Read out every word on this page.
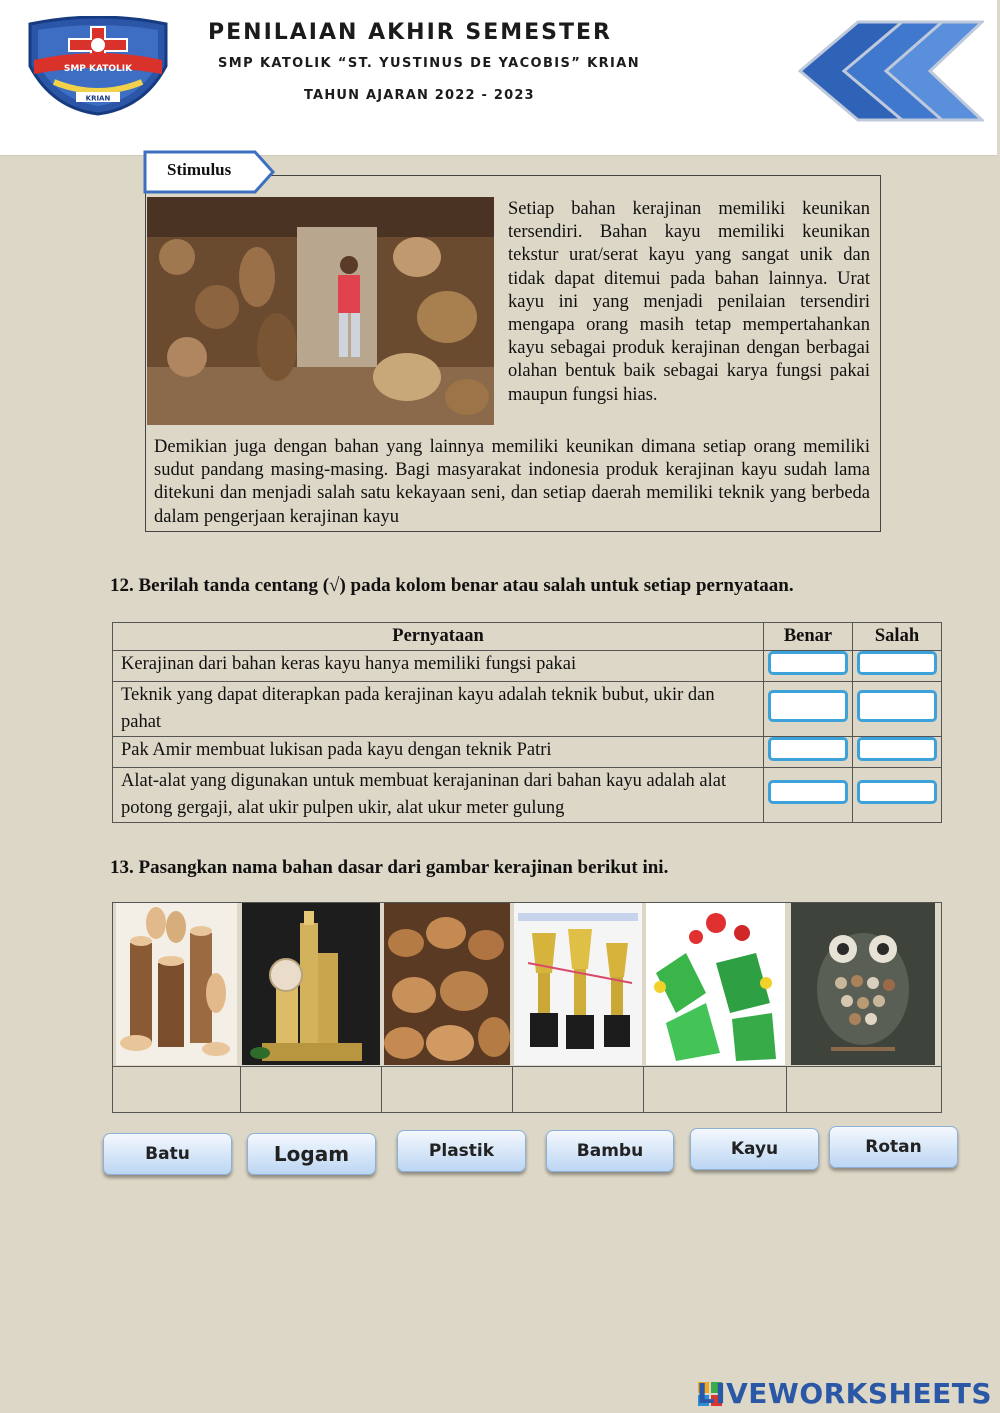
SMP KATOLIK
KRIAN
PENILAIAN AKHIR SEMESTER
SMP KATOLIK “ST. YUSTINUS DE YACOBIS” KRIAN
TAHUN AJARAN 2022 - 2023
Stimulus
Setiap bahan kerajinan memiliki keunikan tersendiri. Bahan kayu memiliki keunikan tekstur urat/serat kayu yang sangat unik dan tidak dapat ditemui pada bahan lainnya. Urat kayu ini yang menjadi penilaian tersendiri mengapa orang masih tetap mempertahankan kayu sebagai produk kerajinan dengan berbagai olahan bentuk baik sebagai karya fungsi pakai maupun fungsi hias.
Demikian juga dengan bahan yang lainnya memiliki keunikan dimana setiap orang memiliki sudut pandang masing-masing. Bagi masyarakat indonesia produk kerajinan kayu sudah lama ditekuni dan menjadi salah satu kekayaan seni, dan setiap daerah memiliki teknik yang berbeda dalam pengerjaan kerajinan kayu
12. Berilah tanda centang (√) pada kolom benar atau salah untuk setiap pernyataan.
Pernyataan	Benar	Salah
Kerajinan dari bahan keras kayu hanya memiliki fungsi pakai		
Teknik yang dapat diterapkan pada kerajinan kayu adalah teknik bubut, ukir dan pahat		
Pak Amir membuat lukisan pada kayu dengan teknik Patri		
Alat-alat yang digunakan untuk membuat kerajaninan dari bahan kayu adalah alat potong gergaji, alat ukir pulpen ukir, alat ukur meter gulung		
13. Pasangkan nama bahan dasar dari gambar kerajinan berikut ini.
Batu	Logam	Plastik	Bambu	Kayu	Rotan
LIVEWORKSHEETS
